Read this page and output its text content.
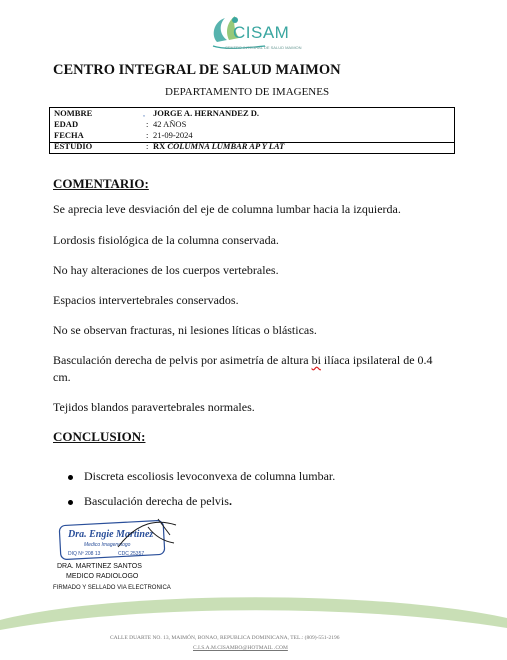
CISAM
CENTRO INTEGRAL DE SALUD MAIMON
CENTRO INTEGRAL DE SALUD MAIMON
DEPARTAMENTO DE IMAGENES
NOMBRE	ᵤ JORGE A. HERNANDEZ D.
EDAD	: 42 AÑOS
FECHA	: 21-09-2024
ESTUDIO	: RX COLUMNA LUMBAR AP Y LAT
COMENTARIO:
Se aprecia leve desviación del eje de columna lumbar hacia la izquierda.
Lordosis fisiológica de la columna conservada.
No hay alteraciones de los cuerpos vertebrales.
Espacios intervertebrales conservados.
No se observan fracturas, ni lesiones líticas o blásticas.
Basculación derecha de pelvis por asimetría de altura bi ilíaca ipsilateral de 0.4 cm.
Tejidos blandos paravertebrales normales.
CONCLUSION:
Discreta escoliosis levoconvexa de columna lumbar.
Basculación derecha de pelvis.
Dra. Engie Martinez
Medico Imagenologo
DIQ Nº 208 13	CDC 25357
DRA. MARTINEZ SANTOS
MEDICO RADIOLOGO
FIRMADO Y SELLADO VIA ELECTRONICA
CALLE DUARTE NO. 13, MAIMÓN, BONAO, REPUBLICA DOMINICANA, TEL.: (809)-551-2196
C.I.S.A.M.CISAMBO@HOTMAIL .COM
